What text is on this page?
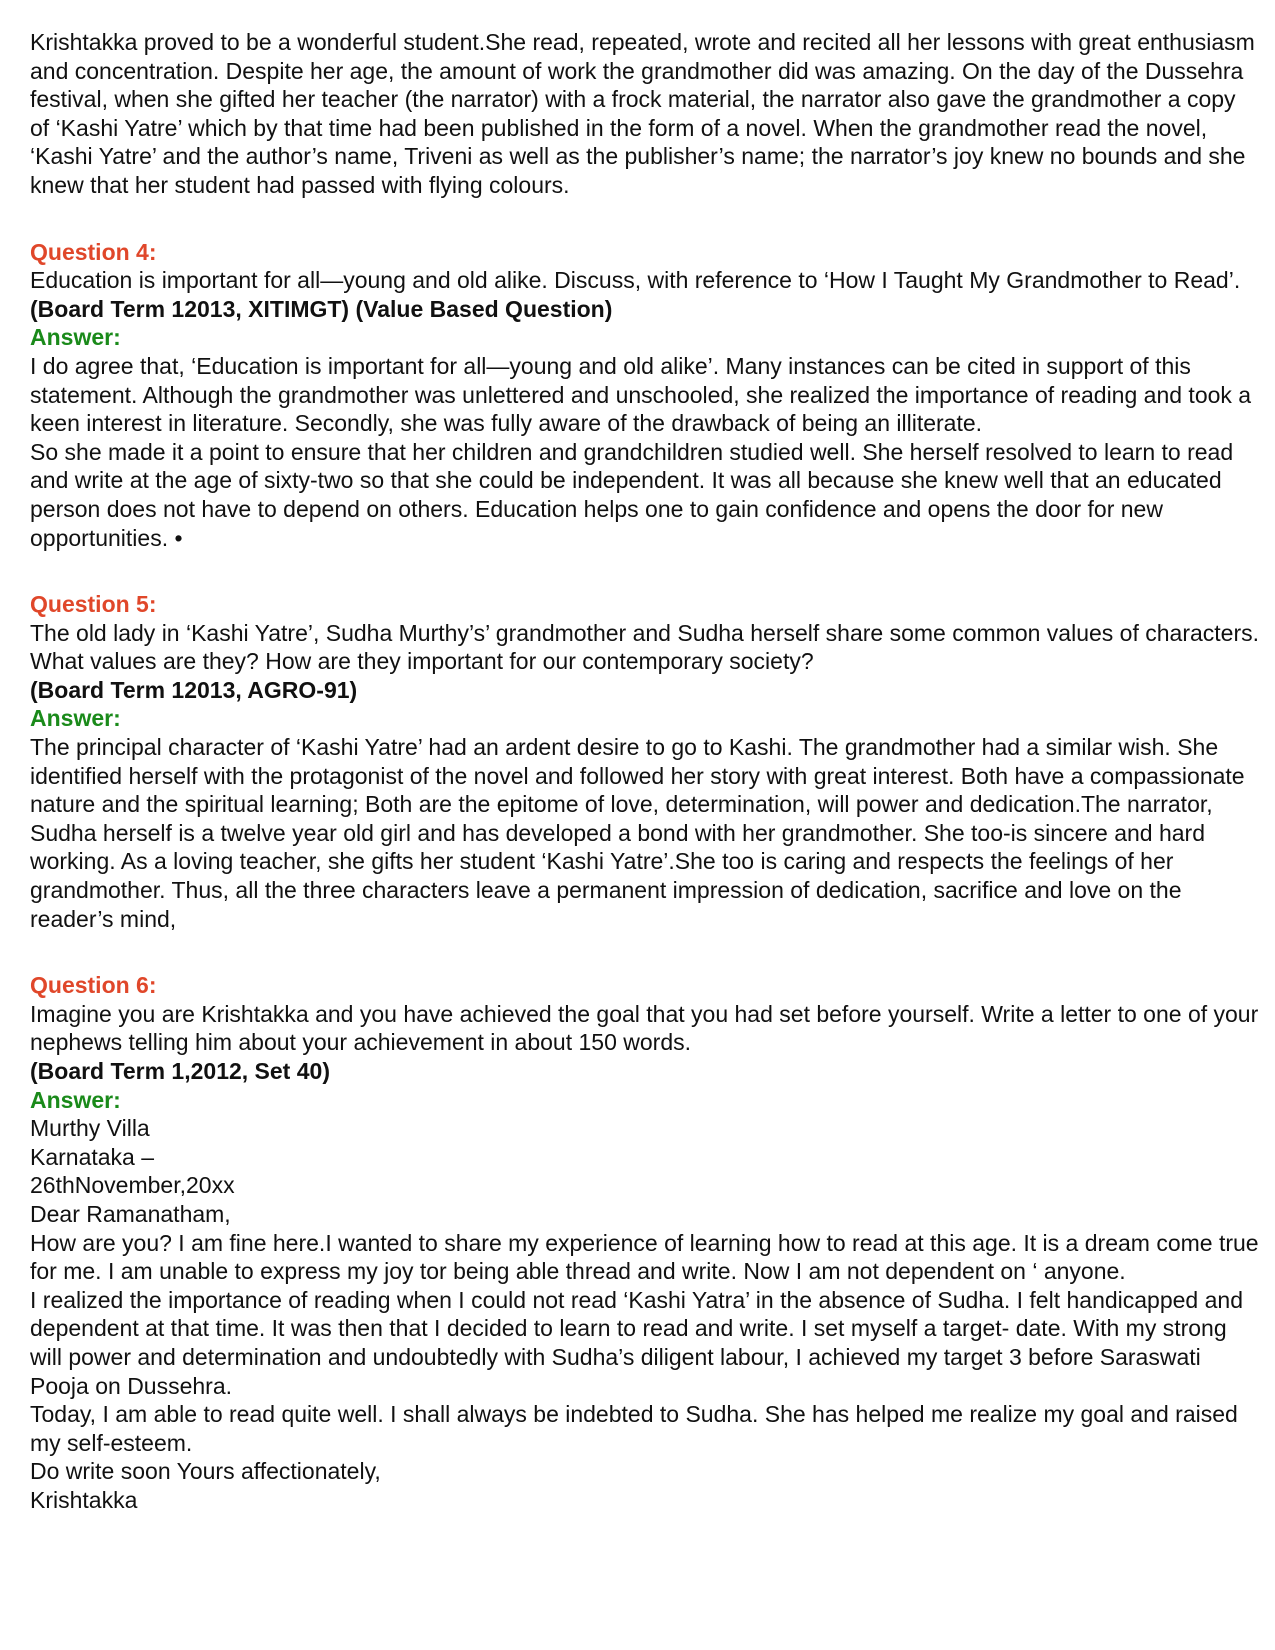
Krishtakka proved to be a wonderful student.She read, repeated, wrote and recited all her lessons with great enthusiasm and concentration. Despite her age, the amount of work the grandmother did was amazing. On the day of the Dussehra festival, when she gifted her teacher (the narrator) with a frock material, the narrator also gave the grandmother a copy of ‘Kashi Yatre’ which by that time had been published in the form of a novel. When the grandmother read the novel, ‘Kashi Yatre’ and the author’s name, Triveni as well as the publisher’s name; the narrator’s joy knew no bounds and she knew that her student had passed with flying colours.

Question 4:

Education is important for all—young and old alike. Discuss, with reference to ‘How I Taught My Grandmother to Read’. (Board Term 12013, XITIMGT) (Value Based Question)

Answer:

I do agree that, ‘Education is important for all—young and old alike’. Many instances can be cited in support of this statement. Although the grandmother was unlettered and unschooled, she realized the importance of reading and took a keen interest in literature. Secondly, she was fully aware of the drawback of being an illiterate.

So she made it a point to ensure that her children and grandchildren studied well. She herself resolved to learn to read and write at the age of sixty-two so that she could be independent. It was all because she knew well that an educated person does not have to depend on others. Education helps one to gain confidence and opens the door for new opportunities. •

Question 5:

The old lady in ‘Kashi Yatre’, Sudha Murthy’s’ grandmother and Sudha herself share some common values of characters. What values are they? How are they important for our contemporary society?

(Board Term 12013, AGRO-91)

Answer:

The principal character of ‘Kashi Yatre’ had an ardent desire to go to Kashi. The grandmother had a similar wish. She identified herself with the protagonist of the novel and followed her story with great interest. Both have a compassionate nature and the spiritual learning; Both are the epitome of love, determination, will power and dedication.The narrator, Sudha herself is a twelve year old girl and has developed a bond with her grandmother. She too-is sincere and hard working. As a loving teacher, she gifts her student ‘Kashi Yatre’.She too is caring and respects the feelings of her grandmother. Thus, all the three characters leave a permanent impression of dedication, sacrifice and love on the reader’s mind,

Question 6:

Imagine you are Krishtakka and you have achieved the goal that you had set before yourself. Write a letter to one of your nephews telling him about your achievement in about 150 words.

(Board Term 1,2012, Set 40)

Answer:

Murthy Villa

Karnataka –

26thNovember,20xx

Dear Ramanatham,

How are you? I am fine here.I wanted to share my experience of learning how to read at this age. It is a dream come true for me. I am unable to express my joy tor being able thread and write. Now I am not dependent on ‘ anyone.

I realized the importance of reading when I could not read ‘Kashi Yatra’ in the absence of Sudha. I felt handicapped and dependent at that time. It was then that I decided to learn to read and write. I set myself a target- date. With my strong will power and determination and undoubtedly with Sudha’s diligent labour, I achieved my target 3 before Saraswati Pooja on Dussehra.

Today, I am able to read quite well. I shall always be indebted to Sudha. She has helped me realize my goal and raised my self-esteem.

Do write soon Yours affectionately,

Krishtakka
